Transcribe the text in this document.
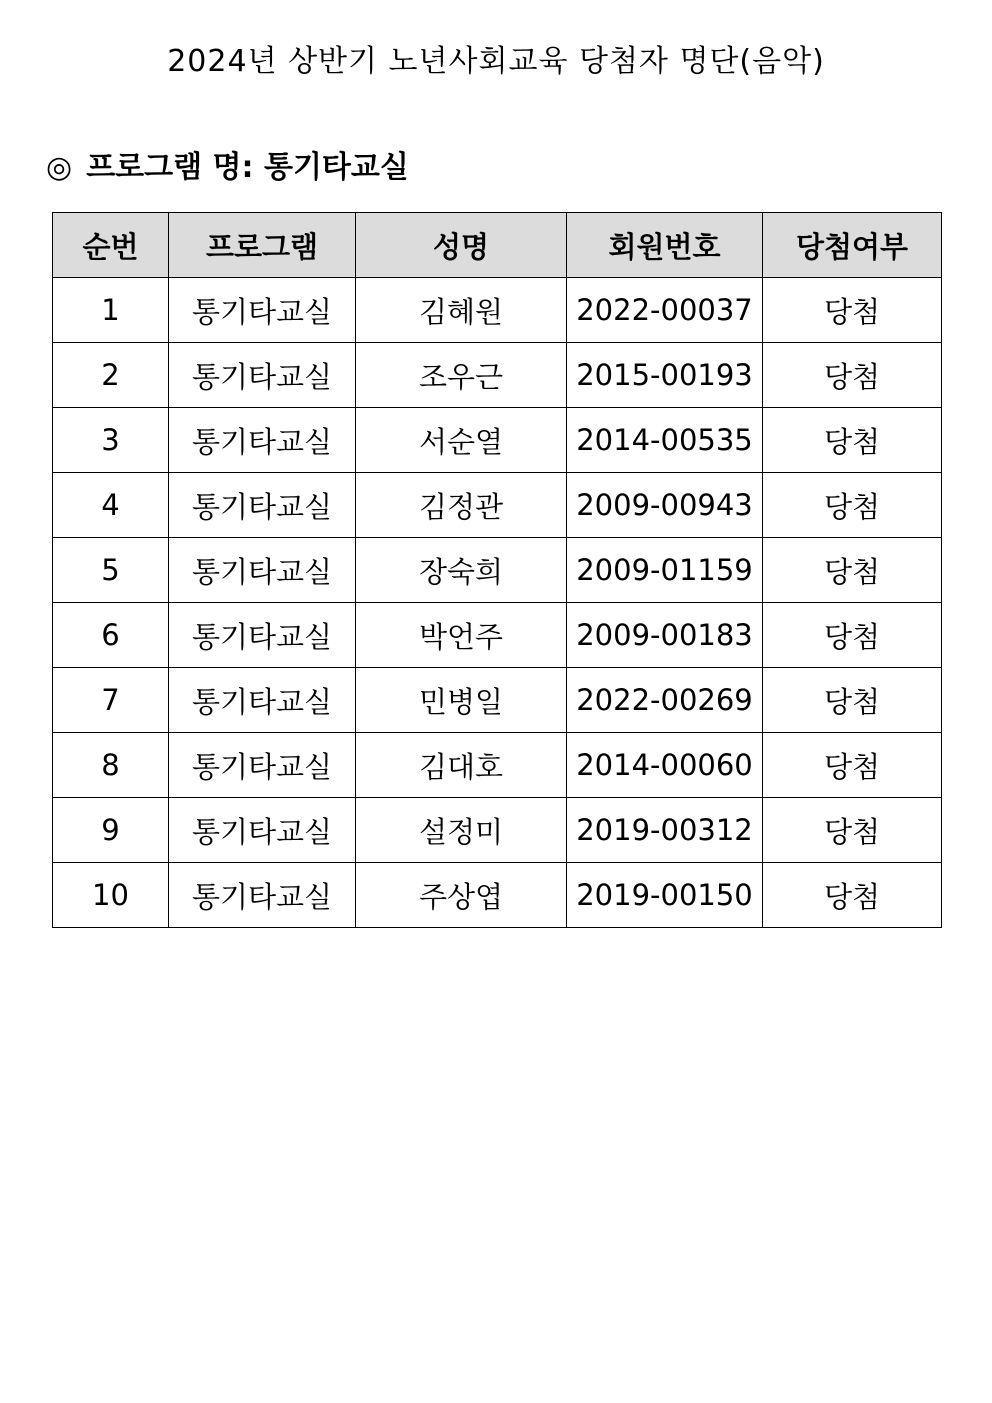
2024년 상반기 노년사회교육 당첨자 명단(음악)
◎ 프로그램 명: 통기타교실
순번	프로그램	성명	회원번호	당첨여부
1	통기타교실	김혜원	2022-00037	당첨
2	통기타교실	조우근	2015-00193	당첨
3	통기타교실	서순열	2014-00535	당첨
4	통기타교실	김정관	2009-00943	당첨
5	통기타교실	장숙희	2009-01159	당첨
6	통기타교실	박언주	2009-00183	당첨
7	통기타교실	민병일	2022-00269	당첨
8	통기타교실	김대호	2014-00060	당첨
9	통기타교실	설정미	2019-00312	당첨
10	통기타교실	주상엽	2019-00150	당첨
